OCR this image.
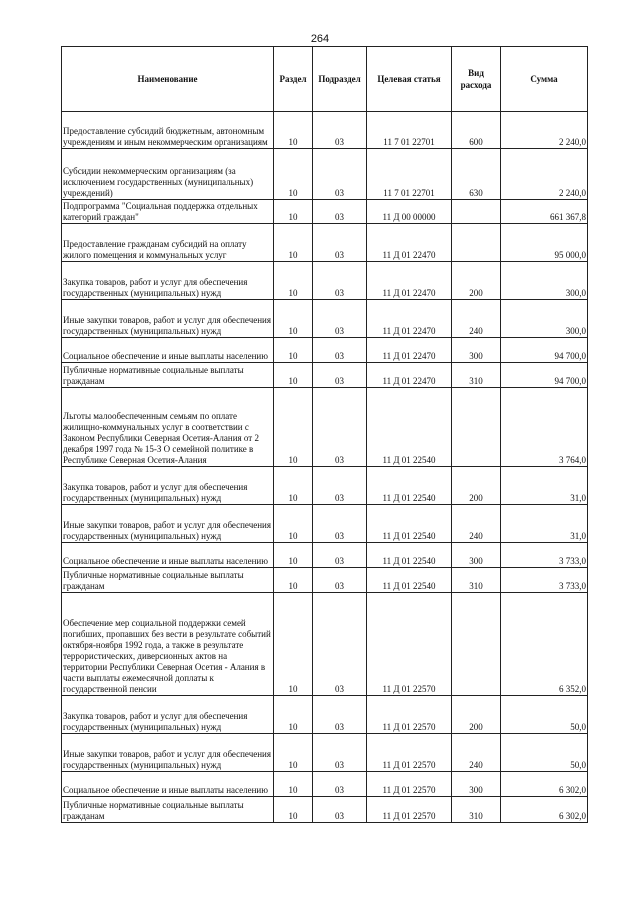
264
Наименование	Раздел	Подраздел	Целевая статья	Вид расхода	Сумма
Предоставление субсидий бюджетным, автономным учреждениям и иным некоммерческим организациям	10	03	11 7 01 22701	600	2 240,0
Субсидии некоммерческим организациям (за исключением государственных (муниципальных) учреждений)	10	03	11 7 01 22701	630	2 240,0
Подпрограмма "Социальная поддержка отдельных категорий граждан"	10	03	11 Д 00 00000		661 367,8
Предоставление гражданам субсидий на оплату жилого помещения и коммунальных услуг	10	03	11 Д 01 22470		95 000,0
Закупка товаров, работ и услуг для обеспечения государственных (муниципальных) нужд	10	03	11 Д 01 22470	200	300,0
Иные закупки товаров, работ и услуг для обеспечения государственных (муниципальных) нужд	10	03	11 Д 01 22470	240	300,0
Социальное обеспечение и иные выплаты населению	10	03	11 Д 01 22470	300	94 700,0
Публичные нормативные социальные выплаты гражданам	10	03	11 Д 01 22470	310	94 700,0
Льготы малообеспеченным семьям по оплате жилищно-коммунальных услуг в соответствии с Законом Республики Северная Осетия-Алания от 2 декабря 1997 года № 15-З О семейной политике в Республике Северная Осетия-Алания	10	03	11 Д 01 22540		3 764,0
Закупка товаров, работ и услуг для обеспечения государственных (муниципальных) нужд	10	03	11 Д 01 22540	200	31,0
Иные закупки товаров, работ и услуг для обеспечения государственных (муниципальных) нужд	10	03	11 Д 01 22540	240	31,0
Социальное обеспечение и иные выплаты населению	10	03	11 Д 01 22540	300	3 733,0
Публичные нормативные социальные выплаты гражданам	10	03	11 Д 01 22540	310	3 733,0
Обеспечение мер социальной поддержки семей погибших, пропавших без вести в результате событий октября-ноября 1992 года, а также в результате террористических, диверсионных актов на территории Республики Северная Осетия - Алания в части выплаты ежемесячной доплаты к государственной пенсии	10	03	11 Д 01 22570		6 352,0
Закупка товаров, работ и услуг для обеспечения государственных (муниципальных) нужд	10	03	11 Д 01 22570	200	50,0
Иные закупки товаров, работ и услуг для обеспечения государственных (муниципальных) нужд	10	03	11 Д 01 22570	240	50,0
Социальное обеспечение и иные выплаты населению	10	03	11 Д 01 22570	300	6 302,0
Публичные нормативные социальные выплаты гражданам	10	03	11 Д 01 22570	310	6 302,0
